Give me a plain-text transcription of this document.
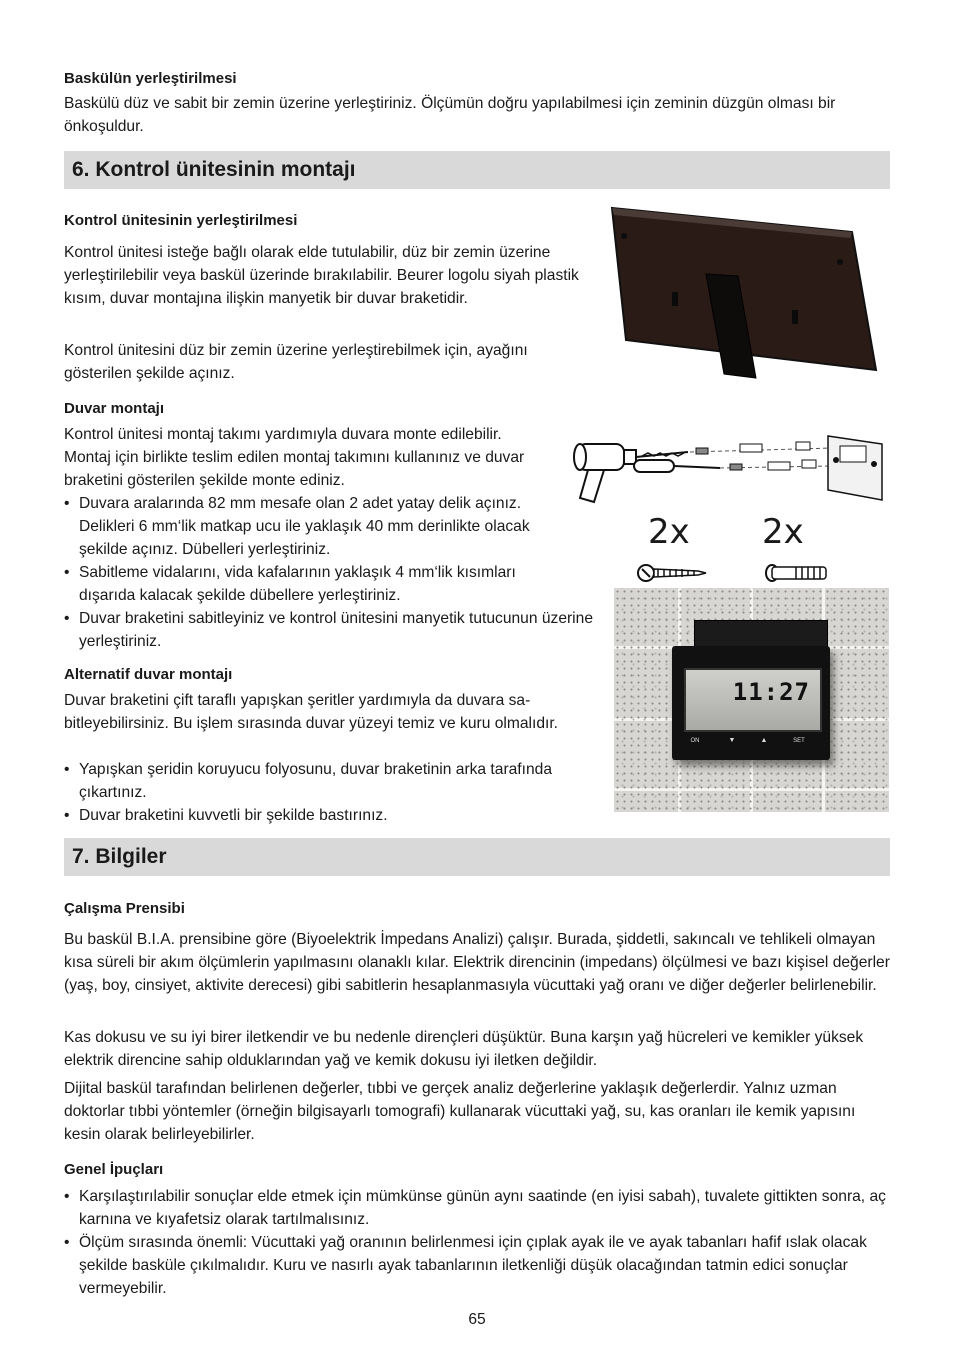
Baskülün yerleştirilmesi

Baskülü düz ve sabit bir zemin üzerine yerleştiriniz. Ölçümün doğru yapılabilmesi için zeminin düzgün olması bir önkoşuldur.

6. Kontrol ünitesinin montajı
Kontrol ünitesinin yerleştirilmesi

Kontrol ünitesi isteğe bağlı olarak elde tutulabilir, düz bir zemin üzerine yerleştirilebilir veya baskül üzerinde bırakılabilir. Beurer logolu siyah plastik kısım, duvar montajına ilişkin manyetik bir duvar braketidir.

Kontrol ünitesini düz bir zemin üzerine yerleştirebilmek için, ayağını gösterilen şekilde açınız.

Duvar montajı

Kontrol ünitesi montaj takımı yardımıyla duvara monte edilebilir. Montaj için birlikte teslim edilen montaj takımını kullanınız ve duvar braketini gösterilen şekilde monte ediniz.

• Duvara aralarında 82 mm mesafe olan 2 adet yatay delik açınız. Delikleri 6 mm‘lik matkap ucu ile yaklaşık 40 mm derinlikte olacak şekilde açınız. Dübelleri yerleştiriniz.
• Sabitleme vidalarını, vida kafalarının yaklaşık 4 mm‘lik kısımları dışarıda kalacak şekilde dübellere yerleştiriniz.
• Duvar braketini sabitleyiniz ve kontrol ünitesini manyetik tutucunun üzerine yerleştiriniz.
Alternatif duvar montajı

Duvar braketini çift taraflı yapışkan şeritler yardımıyla da duvara sabitleyebilirsiniz. Bu işlem sırasında duvar yüzeyi temiz ve kuru olmalıdır.

• Yapışkan şeridin koruyucu folyosunu, duvar braketinin arka tarafında çıkartınız.
• Duvar braketini kuvvetli bir şekilde bastırınız.
2x 2x
11:27
ON	▼	▲	SET
7. Bilgiler
Çalışma Prensibi

Bu baskül B.I.A. prensibine göre (Biyoelektrik İmpedans Analizi) çalışır. Burada, şiddetli, sakıncalı ve tehlikeli olmayan kısa süreli bir akım ölçümlerin yapılmasını olanaklı kılar. Elektrik direncinin (impedans) ölçülmesi ve bazı kişisel değerler (yaş, boy, cinsiyet, aktivite derecesi) gibi sabitlerin hesaplanmasıyla vücuttaki yağ oranı ve diğer değerler belirlenebilir.

Kas dokusu ve su iyi birer iletkendir ve bu nedenle dirençleri düşüktür. Buna karşın yağ hücreleri ve kemikler yüksek elektrik direncine sahip olduklarından yağ ve kemik dokusu iyi iletken değildir.

Dijital baskül tarafından belirlenen değerler, tıbbi ve gerçek analiz değerlerine yaklaşık değerlerdir. Yalnız uzman doktorlar tıbbi yöntemler (örneğin bilgisayarlı tomografi) kullanarak vücuttaki yağ, su, kas oranları ile kemik yapısını kesin olarak belirleyebilirler.

Genel İpuçları
• Karşılaştırılabilir sonuçlar elde etmek için mümkünse günün aynı saatinde (en iyisi sabah), tuvalete gittikten sonra, aç karnına ve kıyafetsiz olarak tartılmalısınız.
• Ölçüm sırasında önemli: Vücuttaki yağ oranının belirlenmesi için çıplak ayak ile ve ayak tabanları hafif ıslak olacak şekilde basküle çıkılmalıdır. Kuru ve nasırlı ayak tabanlarının iletkenliği düşük olacağından tatmin edici sonuçlar vermeyebilir.
65
